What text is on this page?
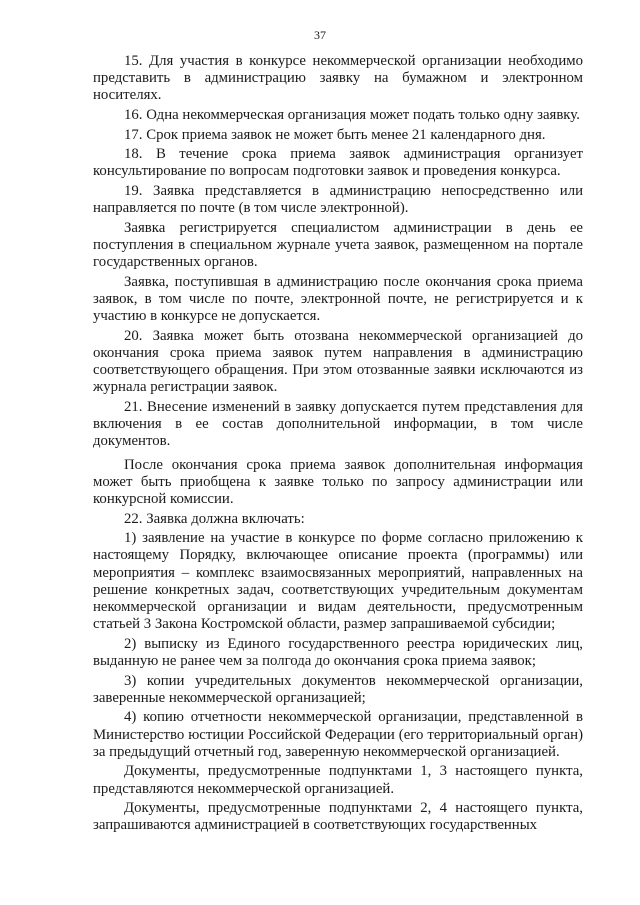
37

15. Для участия в конкурсе некоммерческой организации необходимо представить в администрацию заявку на бумажном и электронном носителях.

16. Одна некоммерческая организация может подать только одну заявку.

17. Срок приема заявок не может быть менее 21 календарного дня.

18. В течение срока приема заявок администрация организует консультирование по вопросам подготовки заявок и проведения конкурса.

19. Заявка представляется в администрацию непосредственно или направляется по почте (в том числе электронной).

Заявка регистрируется специалистом администрации в день ее поступления в специальном журнале учета заявок, размещенном на портале государственных органов.

Заявка, поступившая в администрацию после окончания срока приема заявок, в том числе по почте, электронной почте, не регистрируется и к участию в конкурсе не допускается.

20. Заявка может быть отозвана некоммерческой организацией до окончания срока приема заявок путем направления в администрацию соответствующего обращения. При этом отозванные заявки исключаются из журнала регистрации заявок.

21. Внесение изменений в заявку допускается путем представления для включения в ее состав дополнительной информации, в том числе документов.

После окончания срока приема заявок дополнительная информация может быть приобщена к заявке только по запросу администрации или конкурсной комиссии.

22. Заявка должна включать:

1) заявление на участие в конкурсе по форме согласно приложению к настоящему Порядку, включающее описание проекта (программы) или мероприятия – комплекс взаимосвязанных мероприятий, направленных на решение конкретных задач, соответствующих учредительным документам некоммерческой организации и видам деятельности, предусмотренным статьей 3 Закона Костромской области, размер запрашиваемой субсидии;

2) выписку из Единого государственного реестра юридических лиц, выданную не ранее чем за полгода до окончания срока приема заявок;

3) копии учредительных документов некоммерческой организации, заверенные некоммерческой организацией;

4) копию отчетности некоммерческой организации, представленной в Министерство юстиции Российской Федерации (его территориальный орган) за предыдущий отчетный год, заверенную некоммерческой организацией.

Документы, предусмотренные подпунктами 1, 3 настоящего пункта, представляются некоммерческой организацией.

Документы, предусмотренные подпунктами 2, 4 настоящего пункта, запрашиваются администрацией в соответствующих государственных
